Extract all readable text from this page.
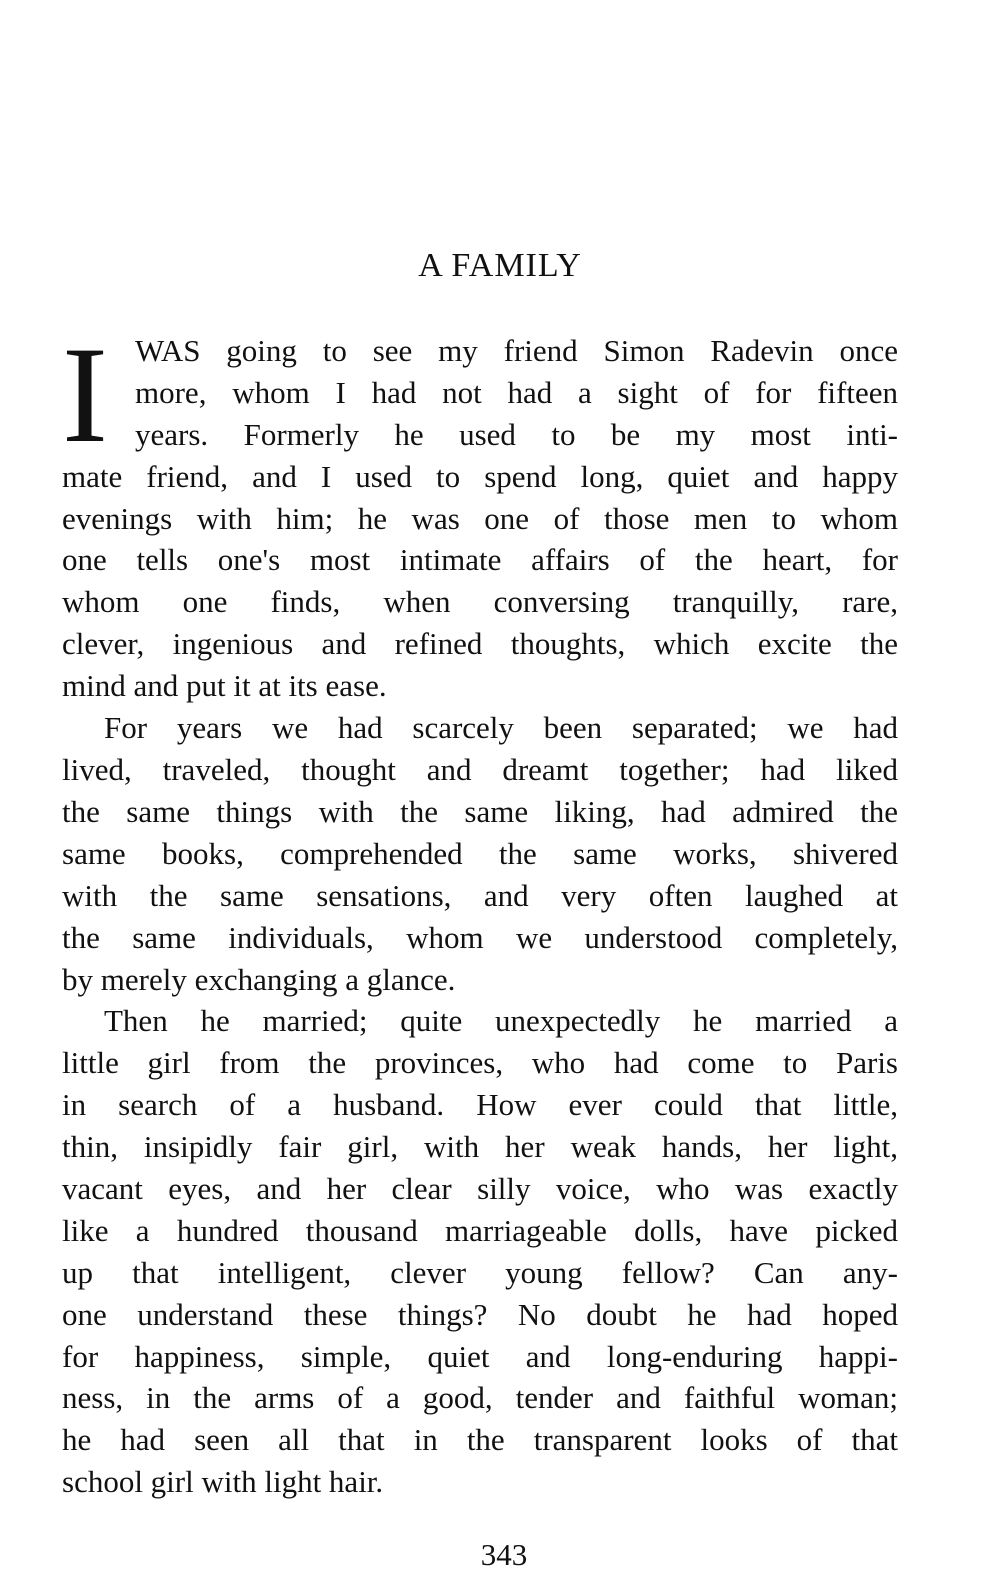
A FAMILY
I WAS going to see my friend Simon Radevin once
more, whom I had not had a sight of for fifteen
years. Formerly he used to be my most inti-
mate friend, and I used to spend long, quiet and happy
evenings with him; he was one of those men to whom
one tells one's most intimate affairs of the heart, for
whom one finds, when conversing tranquilly, rare,
clever, ingenious and refined thoughts, which excite the
mind and put it at its ease.
For years we had scarcely been separated; we had
lived, traveled, thought and dreamt together; had liked
the same things with the same liking, had admired the
same books, comprehended the same works, shivered
with the same sensations, and very often laughed at
the same individuals, whom we understood completely,
by merely exchanging a glance.
Then he married; quite unexpectedly he married a
little girl from the provinces, who had come to Paris
in search of a husband. How ever could that little,
thin, insipidly fair girl, with her weak hands, her light,
vacant eyes, and her clear silly voice, who was exactly
like a hundred thousand marriageable dolls, have picked
up that intelligent, clever young fellow? Can any-
one understand these things? No doubt he had hoped
for happiness, simple, quiet and long-enduring happi-
ness, in the arms of a good, tender and faithful woman;
he had seen all that in the transparent looks of that
school girl with light hair.
343
